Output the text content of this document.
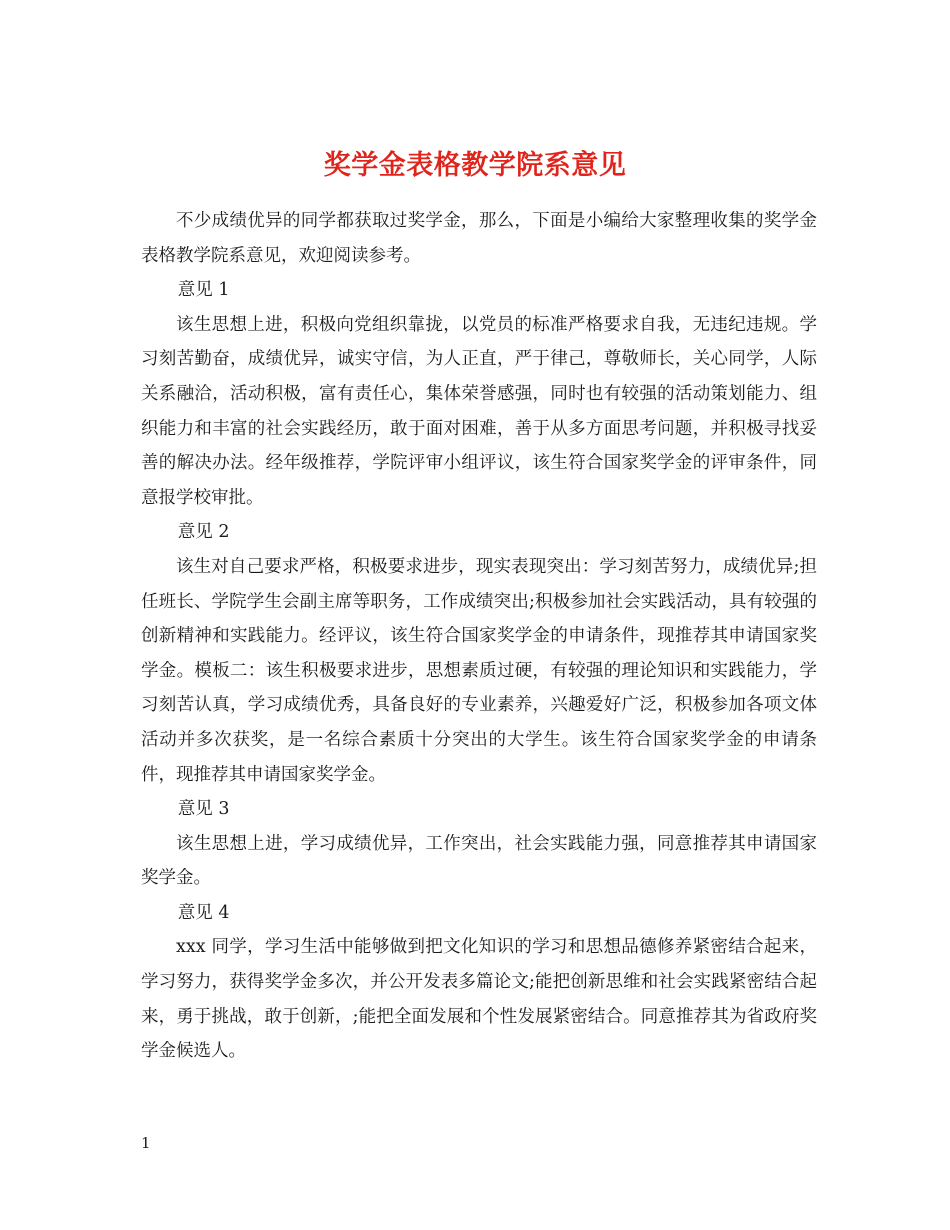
奖学金表格教学院系意见

不少成绩优异的同学都获取过奖学金，那么，下面是小编给大家整理收集的奖学金表格教学院系意见，欢迎阅读参考。

意见 1

该生思想上进，积极向党组织靠拢，以党员的标准严格要求自我，无违纪违规。学习刻苦勤奋，成绩优异，诚实守信，为人正直，严于律己，尊敬师长，关心同学，人际关系融洽，活动积极，富有责任心，集体荣誉感强，同时也有较强的活动策划能力、组织能力和丰富的社会实践经历，敢于面对困难，善于从多方面思考问题，并积极寻找妥善的解决办法。经年级推荐，学院评审小组评议，该生符合国家奖学金的评审条件，同意报学校审批。

意见 2

该生对自己要求严格，积极要求进步，现实表现突出：学习刻苦努力，成绩优异;担任班长、学院学生会副主席等职务，工作成绩突出;积极参加社会实践活动，具有较强的创新精神和实践能力。经评议，该生符合国家奖学金的申请条件，现推荐其申请国家奖学金。模板二：该生积极要求进步，思想素质过硬，有较强的理论知识和实践能力，学习刻苦认真，学习成绩优秀，具备良好的专业素养，兴趣爱好广泛，积极参加各项文体活动并多次获奖，是一名综合素质十分突出的大学生。该生符合国家奖学金的申请条件，现推荐其申请国家奖学金。

意见 3

该生思想上进，学习成绩优异，工作突出，社会实践能力强，同意推荐其申请国家奖学金。

意见 4

xxx 同学，学习生活中能够做到把文化知识的学习和思想品德修养紧密结合起来，学习努力，获得奖学金多次，并公开发表多篇论文;能把创新思维和社会实践紧密结合起来，勇于挑战，敢于创新，;能把全面发展和个性发展紧密结合。同意推荐其为省政府奖学金候选人。

1
